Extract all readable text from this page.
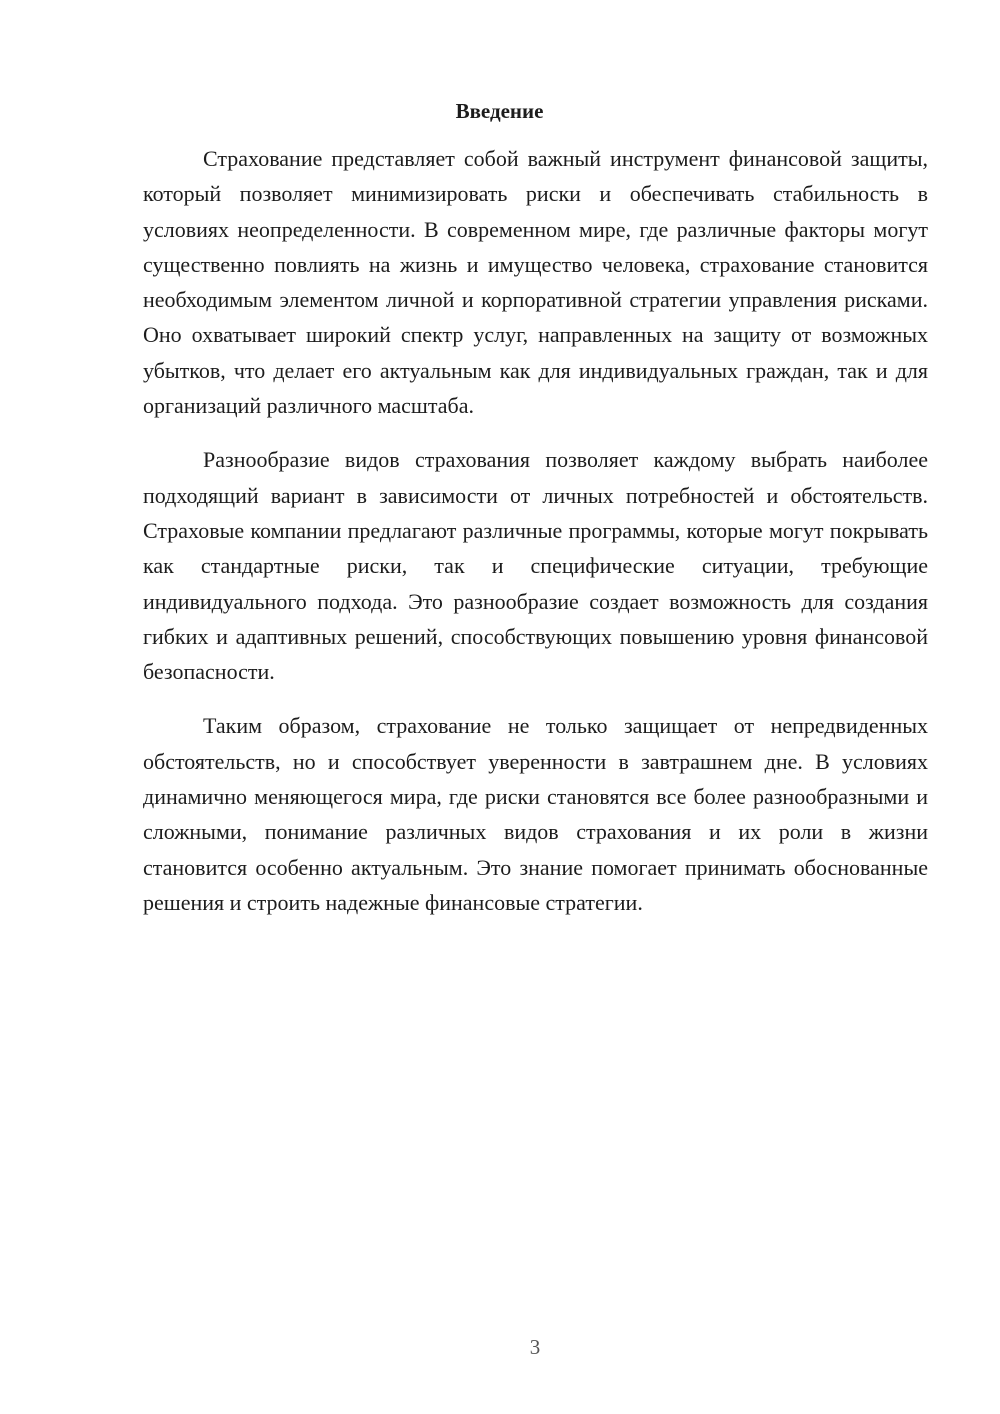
Введение

Страхование представляет собой важный инструмент финансовой защиты, который позволяет минимизировать риски и обеспечивать стабильность в условиях неопределенности. В современном мире, где различные факторы могут существенно повлиять на жизнь и имущество человека, страхование становится необходимым элементом личной и корпоративной стратегии управления рисками. Оно охватывает широкий спектр услуг, направленных на защиту от возможных убытков, что делает его актуальным как для индивидуальных граждан, так и для организаций различного масштаба.

Разнообразие видов страхования позволяет каждому выбрать наиболее подходящий вариант в зависимости от личных потребностей и обстоятельств. Страховые компании предлагают различные программы, которые могут покрывать как стандартные риски, так и специфические ситуации, требующие индивидуального подхода. Это разнообразие создает возможность для создания гибких и адаптивных решений, способствующих повышению уровня финансовой безопасности.

Таким образом, страхование не только защищает от непредвиденных обстоятельств, но и способствует уверенности в завтрашнем дне. В условиях динамично меняющегося мира, где риски становятся все более разнообразными и сложными, понимание различных видов страхования и их роли в жизни становится особенно актуальным. Это знание помогает принимать обоснованные решения и строить надежные финансовые стратегии.

3
